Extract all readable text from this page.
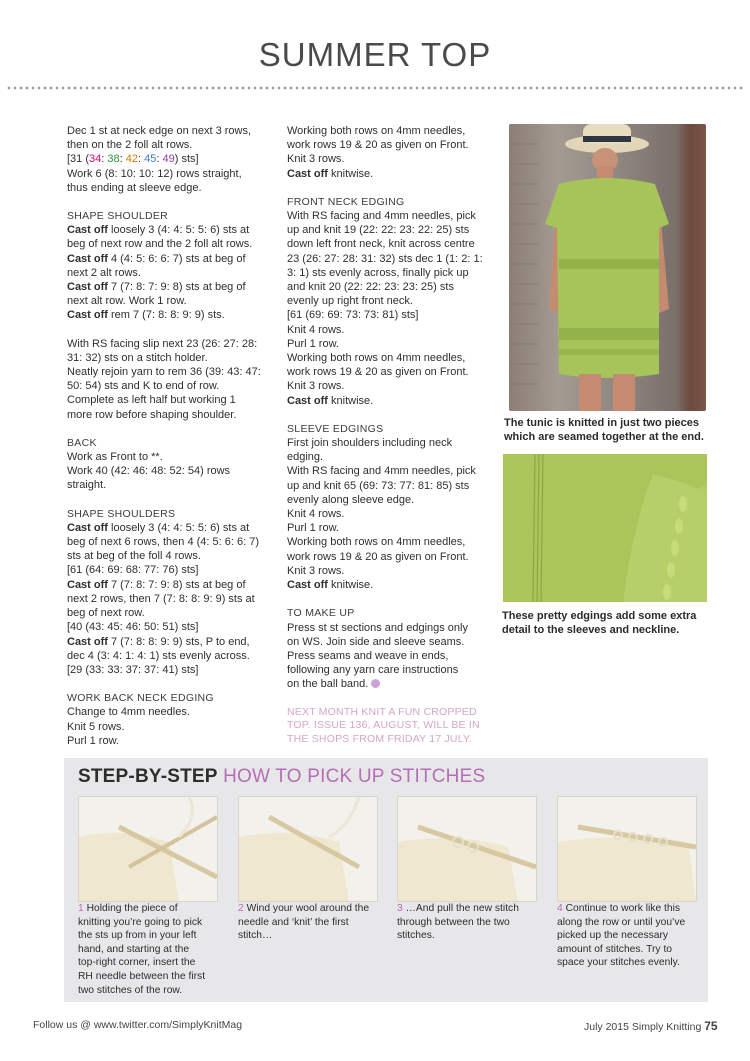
SUMMER TOP

Dec 1 st at neck edge on next 3 rows,

then on the 2 foll alt rows.

[31 (34: 38: 42: 45: 49) sts]

Work 6 (8: 10: 10: 12) rows straight,

thus ending at sleeve edge.

SHAPE SHOULDER

Cast off loosely 3 (4: 4: 5: 5: 6) sts at

beg of next row and the 2 foll alt rows.

Cast off 4 (4: 5: 6: 6: 7) sts at beg of

next 2 alt rows.

Cast off 7 (7: 8: 7: 9: 8) sts at beg of

next alt row. Work 1 row.

Cast off rem 7 (7: 8: 8: 9: 9) sts.

With RS facing slip next 23 (26: 27: 28:

31: 32) sts on a stitch holder.

Neatly rejoin yarn to rem 36 (39: 43: 47:

50: 54) sts and K to end of row.

Complete as left half but working 1

more row before shaping shoulder.

BACK

Work as Front to **.

Work 40 (42: 46: 48: 52: 54) rows

straight.

SHAPE SHOULDERS

Cast off loosely 3 (4: 4: 5: 5: 6) sts at

beg of next 6 rows, then 4 (4: 5: 6: 6: 7)

sts at beg of the foll 4 rows.

[61 (64: 69: 68: 77: 76) sts]

Cast off 7 (7: 8: 7: 9: 8) sts at beg of

next 2 rows, then 7 (7: 8: 8: 9: 9) sts at

beg of next row.

[40 (43: 45: 46: 50: 51) sts]

Cast off 7 (7: 8: 8: 9: 9) sts, P to end,

dec 4 (3: 4: 1: 4: 1) sts evenly across.

[29 (33: 33: 37: 37: 41) sts]

WORK BACK NECK EDGING

Change to 4mm needles.

Knit 5 rows.

Purl 1 row.

Working both rows on 4mm needles,

work rows 19 & 20 as given on Front.

Knit 3 rows.

Cast off knitwise.

FRONT NECK EDGING

With RS facing and 4mm needles, pick

up and knit 19 (22: 22: 23: 22: 25) sts

down left front neck, knit across centre

23 (26: 27: 28: 31: 32) sts dec 1 (1: 2: 1:

3: 1) sts evenly across, finally pick up

and knit 20 (22: 22: 23: 23: 25) sts

evenly up right front neck.

[61 (69: 69: 73: 73: 81) sts]

Knit 4 rows.

Purl 1 row.

Working both rows on 4mm needles,

work rows 19 & 20 as given on Front.

Knit 3 rows.

Cast off knitwise.

SLEEVE EDGINGS

First join shoulders including neck

edging.

With RS facing and 4mm needles, pick

up and knit 65 (69: 73: 77: 81: 85) sts

evenly along sleeve edge.

Knit 4 rows.

Purl 1 row.

Working both rows on 4mm needles,

work rows 19 & 20 as given on Front.

Knit 3 rows.

Cast off knitwise.

TO MAKE UP

Press st st sections and edgings only

on WS. Join side and sleeve seams.

Press seams and weave in ends,

following any yarn care instructions

on the ball band.

NEXT MONTH KNIT A FUN CROPPED

TOP. ISSUE 136, AUGUST, WILL BE IN

THE SHOPS FROM FRIDAY 17 JULY.

The tunic is knitted in just two pieces
which are seamed together at the end.
These pretty edgings add some extra
detail to the sleeves and neckline.
STEP-BY-STEP HOW TO PICK UP STITCHES
1 Holding the piece of
knitting you’re going to pick
the sts up from in your left
hand, and starting at the
top-right corner, insert the
RH needle between the first
two stitches of the row.
2 Wind your wool around the
needle and ‘knit’ the first
stitch…
3 …And pull the new stitch
through between the two
stitches.
4 Continue to work like this
along the row or until you’ve
picked up the necessary
amount of stitches. Try to
space your stitches evenly.
Follow us @ www.twitter.com/SimplyKnitMag	July 2015 Simply Knitting 75
